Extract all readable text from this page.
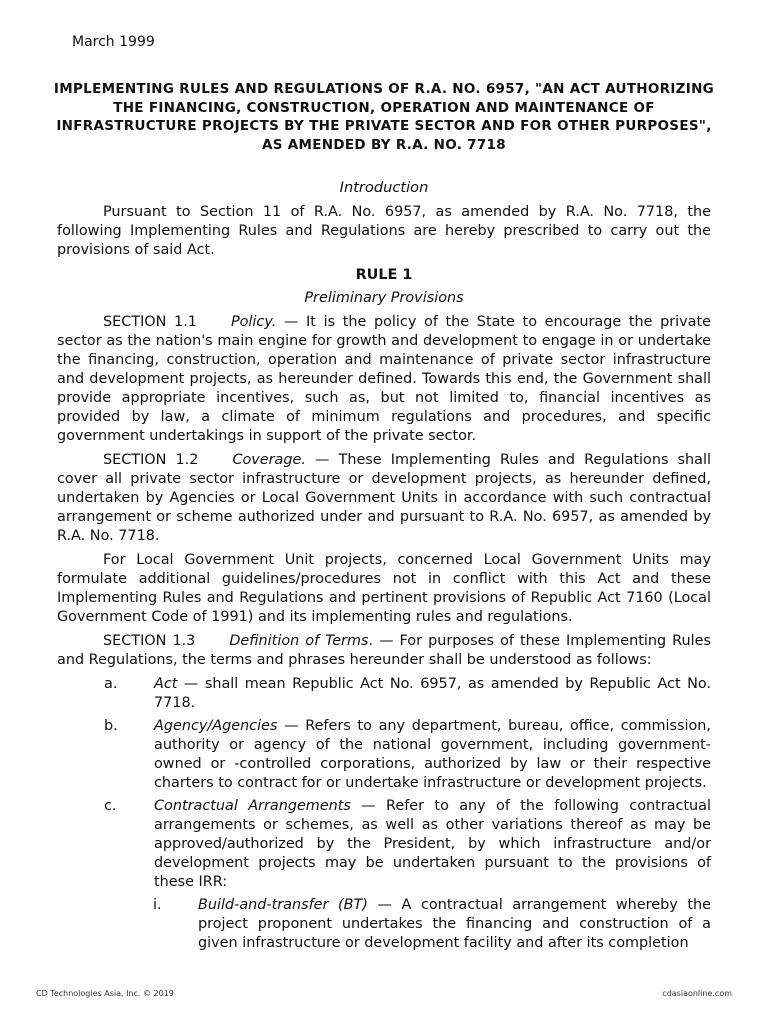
March 1999
IMPLEMENTING RULES AND REGULATIONS OF R.A. NO. 6957, "AN ACT AUTHORIZING THE FINANCING, CONSTRUCTION, OPERATION AND MAINTENANCE OF INFRASTRUCTURE PROJECTS BY THE PRIVATE SECTOR AND FOR OTHER PURPOSES", AS AMENDED BY R.A. NO. 7718

Introduction

Pursuant to Section 11 of R.A. No. 6957, as amended by R.A. No. 7718, the following Implementing Rules and Regulations are hereby prescribed to carry out the provisions of said Act.

RULE 1

Preliminary Provisions

SECTION 1.1 Policy. — It is the policy of the State to encourage the private sector as the nation's main engine for growth and development to engage in or undertake the financing, construction, operation and maintenance of private sector infrastructure and development projects, as hereunder defined. Towards this end, the Government shall provide appropriate incentives, such as, but not limited to, financial incentives as provided by law, a climate of minimum regulations and procedures, and specific government undertakings in support of the private sector.

SECTION 1.2 Coverage. — These Implementing Rules and Regulations shall cover all private sector infrastructure or development projects, as hereunder defined, undertaken by Agencies or Local Government Units in accordance with such contractual arrangement or scheme authorized under and pursuant to R.A. No. 6957, as amended by R.A. No. 7718.

For Local Government Unit projects, concerned Local Government Units may formulate additional guidelines/procedures not in conflict with this Act and these Implementing Rules and Regulations and pertinent provisions of Republic Act 7160 (Local Government Code of 1991) and its implementing rules and regulations.

SECTION 1.3 Definition of Terms. — For purposes of these Implementing Rules and Regulations, the terms and phrases hereunder shall be understood as follows:

a.	Act — shall mean Republic Act No. 6957, as amended by Republic Act No. 7718.
b.	Agency/Agencies — Refers to any department, bureau, office, commission, authority or agency of the national government, including government-owned or -controlled corporations, authorized by law or their respective charters to contract for or undertake infrastructure or development projects.
c.	Contractual Arrangements — Refer to any of the following contractual arrangements or schemes, as well as other variations thereof as may be approved/authorized by the President, by which infrastructure and/or development projects may be undertaken pursuant to the provisions of these IRR:
i.	Build-and-transfer (BT) — A contractual arrangement whereby the project proponent undertakes the financing and construction of a given infrastructure or development facility and after its completion
CD Technologies Asia, Inc. © 2019	cdasiaonline.com
